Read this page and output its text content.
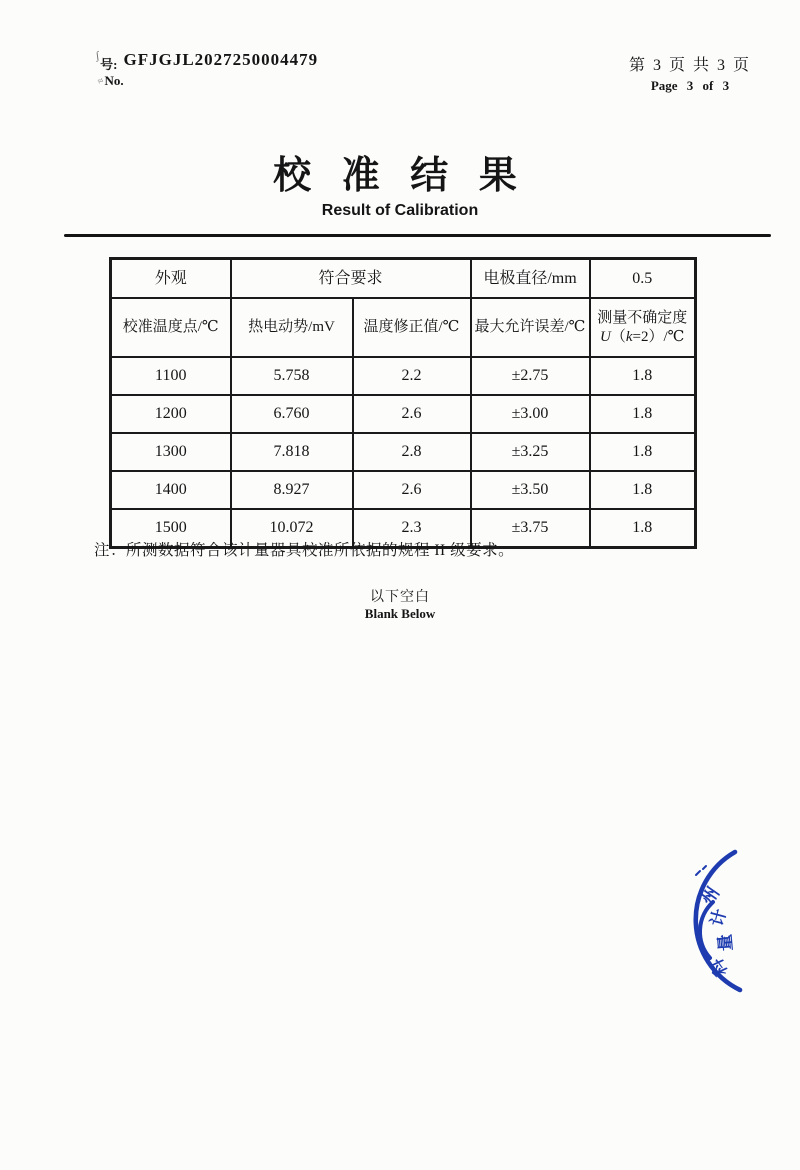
ʃ
号: GFJGJL2027250004479
≈
No.
第 3 页 共 3 页
Page 3 of 3
校 准 结 果
Result of Calibration
外观	符合要求		电极直径/mm	0.5
校准温度点/℃	热电动势/mV	温度修正值/℃	最大允许误差/℃	测量不确定度
U（k=2）/℃

1100	5.758	2.2	±2.75	1.8
1200	6.760	2.6	±3.00	1.8
1300	7.818	2.8	±3.25	1.8
1400	8.927	2.6	±3.50	1.8
1500	10.072	2.3	±3.75	1.8
注：所测数据符合该计量器具校准所依据的规程 II 级要求。
以下空白
Blank Below
州
计
量
科
